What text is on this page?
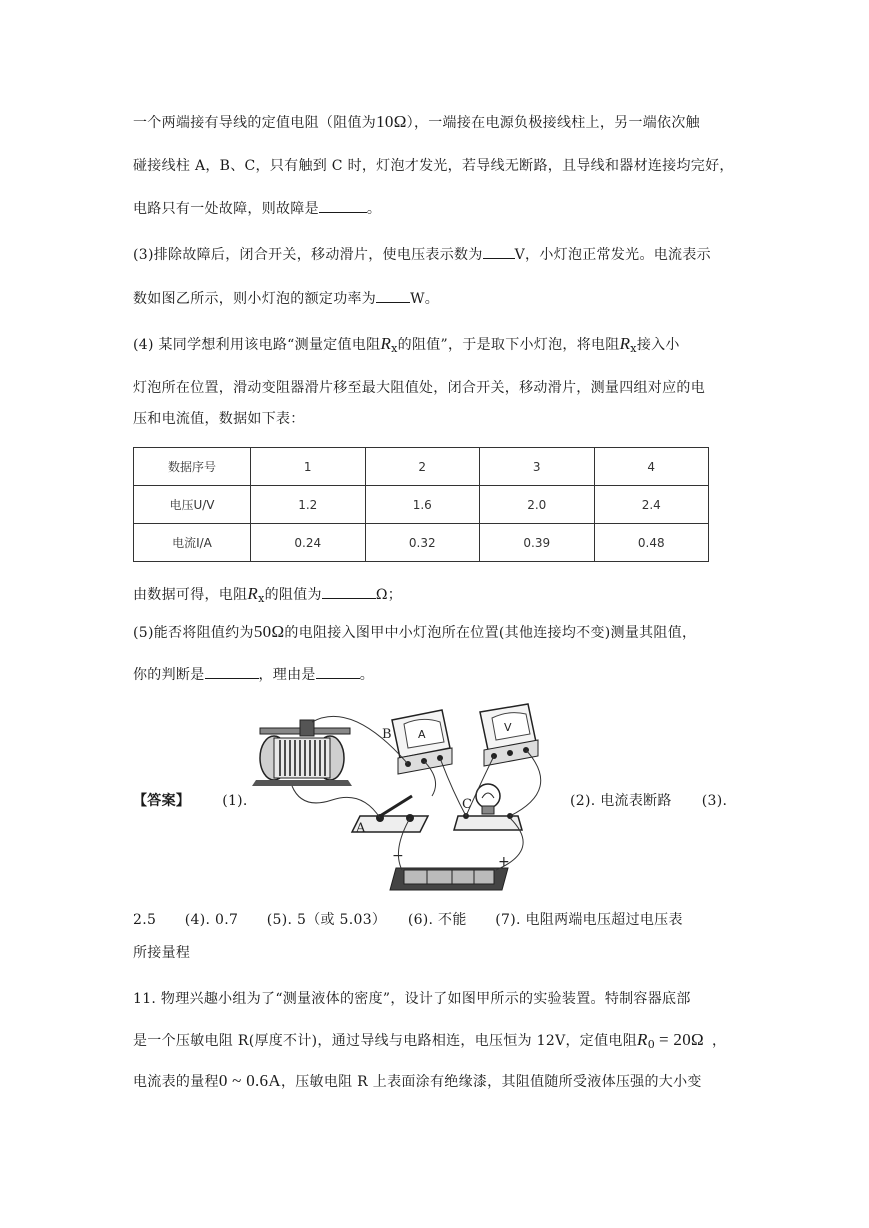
一个两端接有导线的定值电阻（阻值为10Ω），一端接在电源负极接线柱上，另一端依次触
碰接线柱 A，B、C，只有触到 C 时，灯泡才发光，若导线无断路，且导线和器材连接均完好，
电路只有一处故障，则故障是	。
(3)排除故障后，闭合开关，移动滑片，使电压表示数为 V，小灯泡正常发光。电流表示
数如图乙所示，则小灯泡的额定功率为 W。
(4) 某同学想利用该电路“测量定值电阻$R_x$的阻值”，于是取下小灯泡，将电阻$R_x$接入小
灯泡所在位置，滑动变阻器滑片移至最大阻值处，闭合开关，移动滑片，测量四组对应的电
压和电流值，数据如下表：
数据序号	1	2	3	4
电压U/V	1.2	1.6	2.0	2.4
电流I/A	0.24	0.32	0.39	0.48
由数据可得，电阻$R_x$的阻值为	Ω；
(5)能否将阻值约为50Ω的电阻接入图甲中小灯泡所在位置(其他连接均不变)测量其阻值，
你的判断是	，理由是	。
【答案】 (1).	(2). 电流表断路 (3).
A
B	V
A
C
−	+
2.5　　(4). 0.7　　(5). 5（或 5.03）　　(6). 不能　　(7). 电阻两端电压超过电压表
所接量程
11. 物理兴趣小组为了“测量液体的密度”，设计了如图甲所示的实验装置。特制容器底部
是一个压敏电阻 R(厚度不计)，通过导线与电路相连，电压恒为 12V，定值电阻$R_0 = 20\Omega$ ，
电流表的量程0 ~ 0.6A，压敏电阻 R 上表面涂有绝缘漆，其阻值随所受液体压强的大小变
